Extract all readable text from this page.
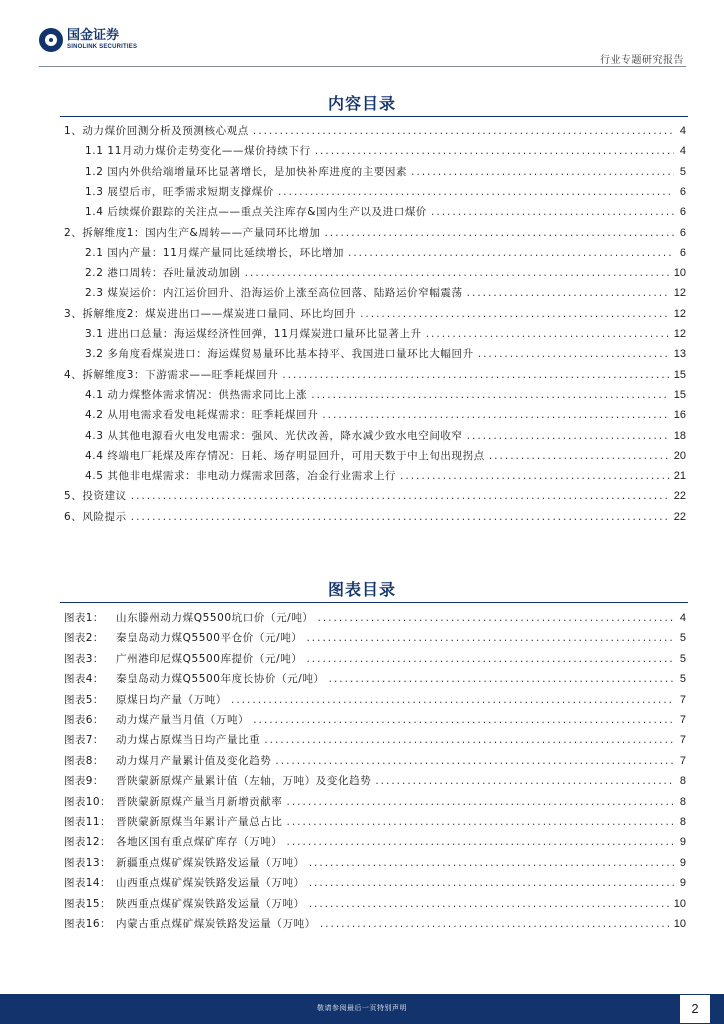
国金证券
SINOLINK SECURITIES
行业专题研究报告
内容目录
1、动力煤价回测分析及预测核心观点 .....	4
1.1 11月动力煤价走势变化——煤价持续下行 .....	4
1.2 国内外供给端增量环比显著增长，是加快补库进度的主要因素 .....	5
1.3 展望后市，旺季需求短期支撑煤价 .....	6
1.4 后续煤价跟踪的关注点——重点关注库存&国内生产以及进口煤价 .....	6
2、拆解维度1：国内生产&周转——产量同环比增加 .....	6
2.1 国内产量：11月煤产量同比延续增长，环比增加 .....	6
2.2 港口周转：吞吐量波动加剧 .....	10
2.3 煤炭运价：内江运价回升、沿海运价上涨至高位回落、陆路运价窄幅震荡 .....	12
3、拆解维度2：煤炭进出口——煤炭进口量同、环比均回升 .....	12
3.1 进出口总量：海运煤经济性回弹，11月煤炭进口量环比显著上升 .....	12
3.2 多角度看煤炭进口：海运煤贸易量环比基本持平、我国进口量环比大幅回升 .....	13
4、拆解维度3：下游需求——旺季耗煤回升 .....	15
4.1 动力煤整体需求情况：供热需求同比上涨 .....	15
4.2 从用电需求看发电耗煤需求：旺季耗煤回升 .....	16
4.3 从其他电源看火电发电需求：强风、光伏改善，降水减少致水电空间收窄 .....	18
4.4 终端电厂耗煤及库存情况：日耗、场存明显回升，可用天数于中上旬出现拐点 .....	20
4.5 其他非电煤需求：非电动力煤需求回落，冶金行业需求上行 .....	21
5、投资建议 .....	22
6、风险提示 .....	22
图表目录
图表1：	山东滕州动力煤Q5500坑口价（元/吨） .....	4
图表2：	秦皇岛动力煤Q5500平仓价（元/吨） .....	5
图表3：	广州港印尼煤Q5500库提价（元/吨） .....	5
图表4：	秦皇岛动力煤Q5500年度长协价（元/吨） .....	5
图表5：	原煤日均产量（万吨） .....	7
图表6：	动力煤产量当月值（万吨） .....	7
图表7：	动力煤占原煤当日均产量比重 .....	7
图表8：	动力煤月产量累计值及变化趋势 .....	7
图表9：	晋陕蒙新原煤产量累计值（左轴，万吨）及变化趋势 .....	8
图表10： 晋陕蒙新原煤产量当月新增贡献率 .....	8
图表11： 晋陕蒙新原煤当年累计产量总占比 .....	8
图表12： 各地区国有重点煤矿库存（万吨） .....	9
图表13： 新疆重点煤矿煤炭铁路发运量（万吨） .....	9
图表14： 山西重点煤矿煤炭铁路发运量（万吨） .....	9
图表15： 陕西重点煤矿煤炭铁路发运量（万吨） .....	10
图表16： 内蒙古重点煤矿煤炭铁路发运量（万吨） .....	10
敬请参阅最后一页特别声明	2
